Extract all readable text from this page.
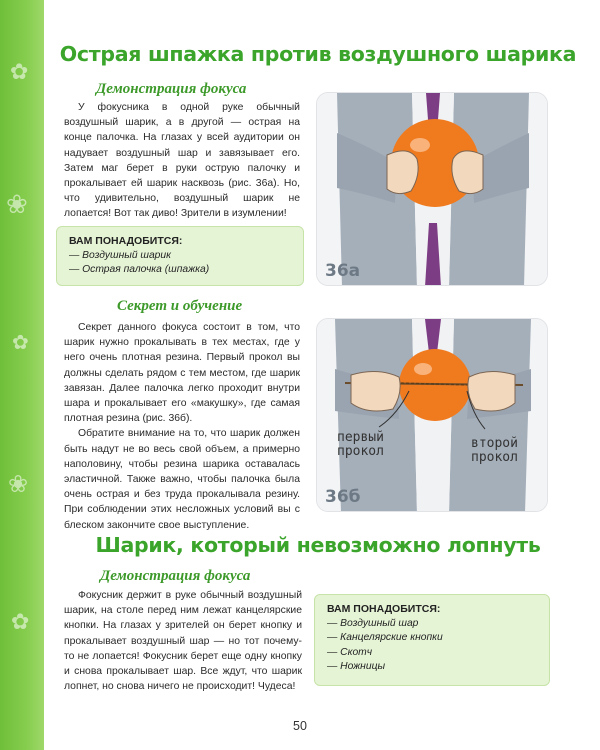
✿
❀
✿
❀
✿
Острая шпажка против воздушного шарика
Демонстрация фокуса

У фокусника в одной руке обычный воздушный шарик, а в другой — острая на конце палочка. На глазах у всей аудитории он надувает воздушный шар и завязывает его. Затем маг берет в руки острую палочку и прокалывает ей шарик насквозь (рис. 36а). Но, что удивительно, воздушный шарик не лопается! Вот так диво! Зрители в изумлении!

ВАМ ПОНАДОБИТСЯ:
— Воздушный шарик
— Острая палочка (шпажка)
Секрет и обучение

Секрет данного фокуса состоит в том, что шарик нужно прокалывать в тех местах, где у него очень плотная резина. Первый прокол вы должны сделать рядом с тем местом, где шарик завязан. Далее палочка легко проходит внутри шара и прокалывает его «макушку», где самая плотная резина (рис. 36б).

Обратите внимание на то, что шарик должен быть надут не во весь свой объем, а примерно наполовину, чтобы резина шарика оставалась эластичной. Также важно, чтобы палочка была очень острая и без труда прокалывала резину. При соблюдении этих несложных условий вы с блеском закончите свое выступление.

36а
первый
прокол
второй
прокол
36б
Шарик, который невозможно лопнуть
Демонстрация фокуса

Фокусник держит в руке обычный воздушный шарик, на столе перед ним лежат канцелярские кнопки. На глазах у зрителей он берет кнопку и прокалывает воздушный шар — но тот почему-то не лопается! Фокусник берет еще одну кнопку и снова прокалывает шар. Все ждут, что шарик лопнет, но снова ничего не происходит! Чудеса!

ВАМ ПОНАДОБИТСЯ:
— Воздушный шар
— Канцелярские кнопки
— Скотч
— Ножницы
50
